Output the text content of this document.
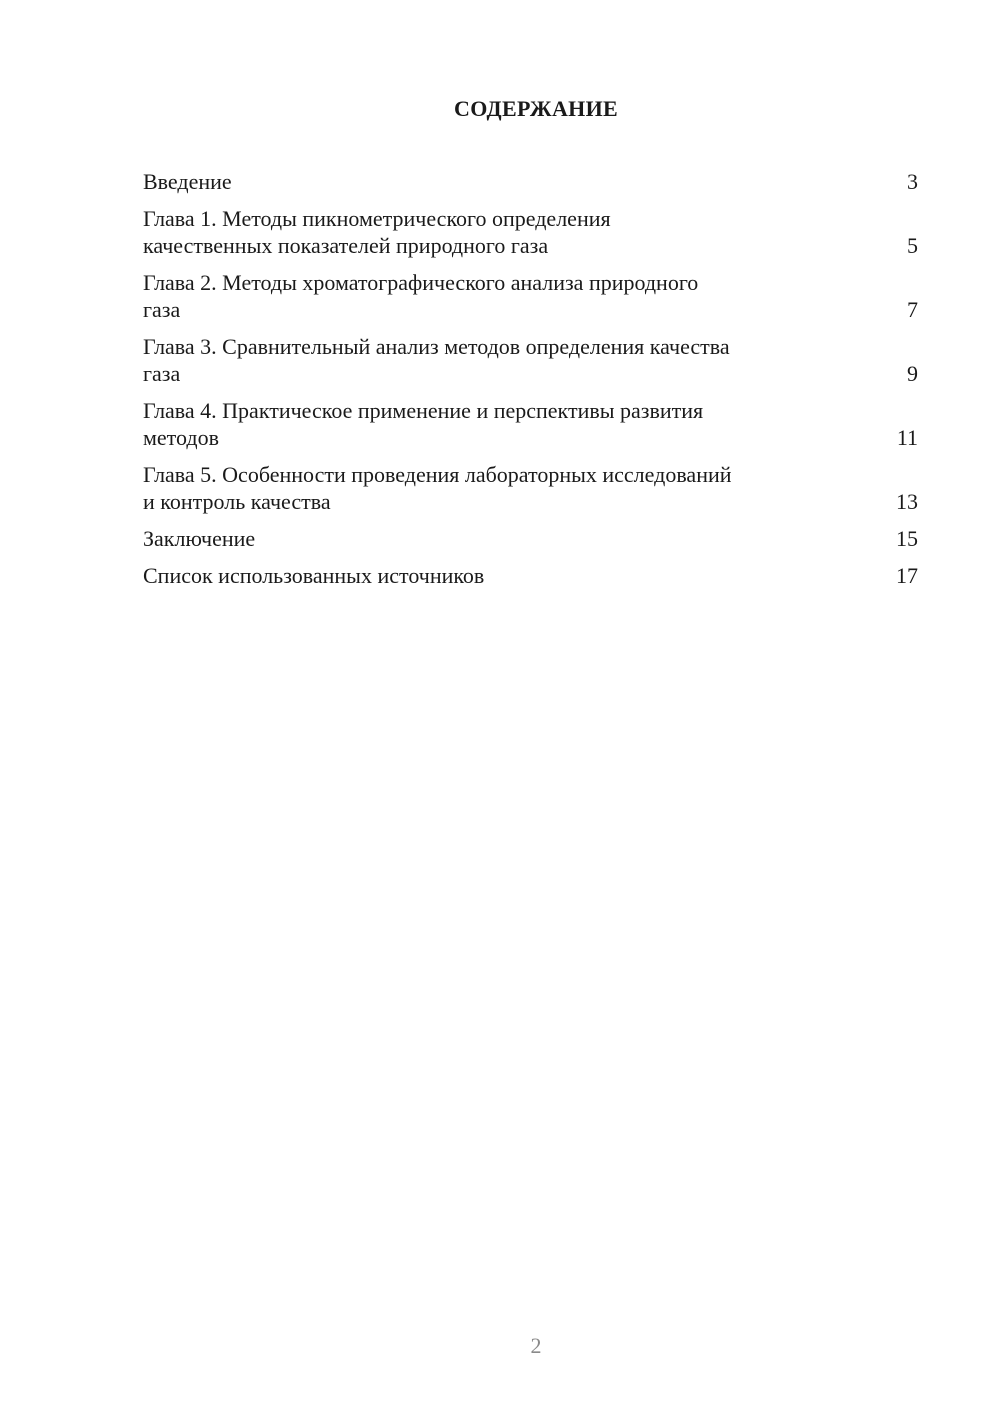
СОДЕРЖАНИЕ
Введение	3
Глава 1. Методы пикнометрического определения
качественных показателей природного газа	5
Глава 2. Методы хроматографического анализа природного
газа	7
Глава 3. Сравнительный анализ методов определения качества
газа	9
Глава 4. Практическое применение и перспективы развития
методов	11
Глава 5. Особенности проведения лабораторных исследований
и контроль качества	13
Заключение	15
Список использованных источников	17
2
